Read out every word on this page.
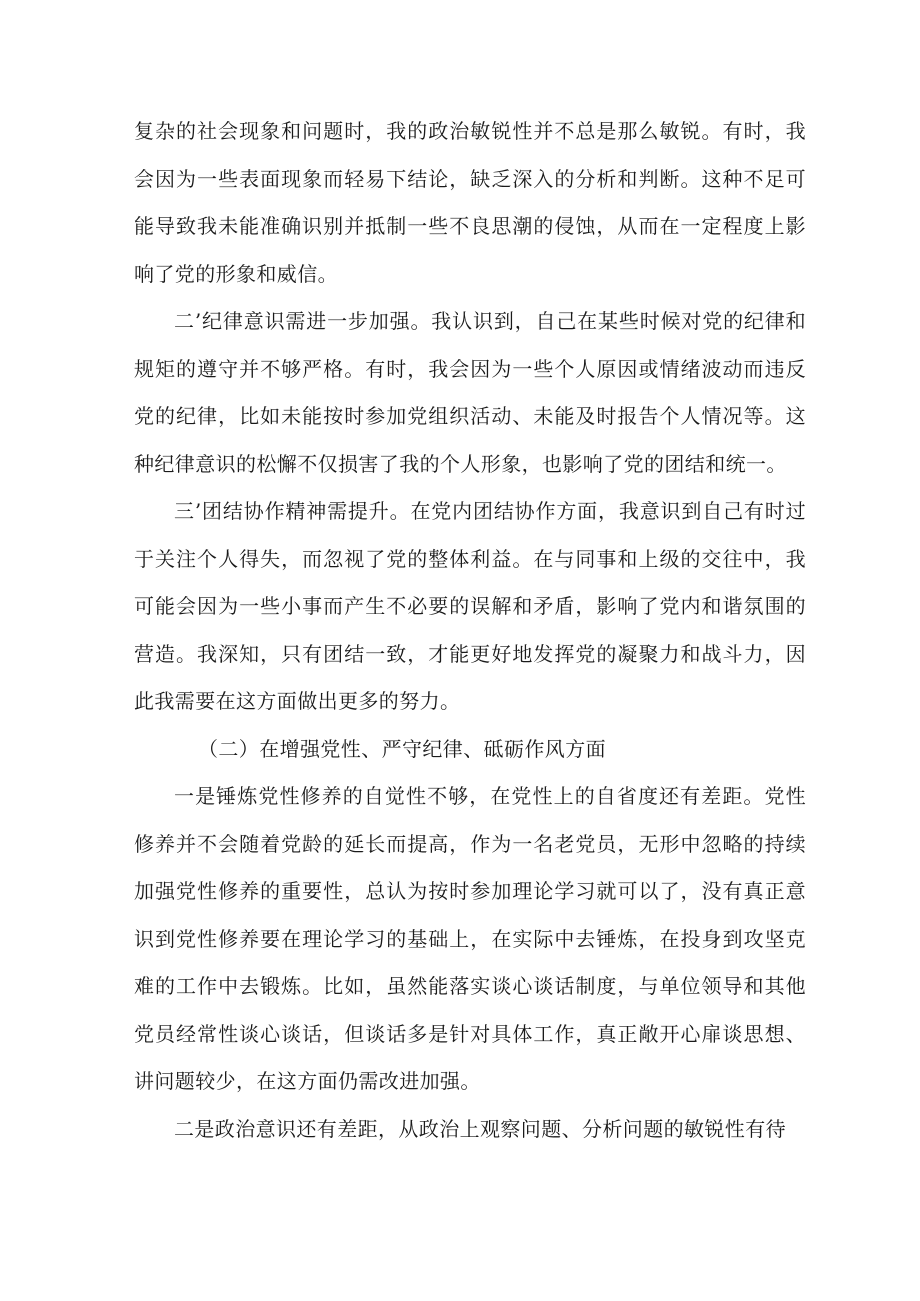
复杂的社会现象和问题时，我的政治敏锐性并不总是那么敏锐。有时，我会因为一些表面现象而轻易下结论，缺乏深入的分析和判断。这种不足可能导致我未能准确识别并抵制一些不良思潮的侵蚀，从而在一定程度上影响了党的形象和威信。

二’纪律意识需进一步加强。我认识到，自己在某些时候对党的纪律和规矩的遵守并不够严格。有时，我会因为一些个人原因或情绪波动而违反党的纪律，比如未能按时参加党组织活动、未能及时报告个人情况等。这种纪律意识的松懈不仅损害了我的个人形象，也影响了党的团结和统一。

三’团结协作精神需提升。在党内团结协作方面，我意识到自己有时过于关注个人得失，而忽视了党的整体利益。在与同事和上级的交往中，我可能会因为一些小事而产生不必要的误解和矛盾，影响了党内和谐氛围的营造。我深知，只有团结一致，才能更好地发挥党的凝聚力和战斗力，因此我需要在这方面做出更多的努力。

（二）在增强党性、严守纪律、砥砺作风方面

一是锤炼党性修养的自觉性不够，在党性上的自省度还有差距。党性修养并不会随着党龄的延长而提高，作为一名老党员，无形中忽略的持续加强党性修养的重要性，总认为按时参加理论学习就可以了，没有真正意识到党性修养要在理论学习的基础上，在实际中去锤炼，在投身到攻坚克难的工作中去锻炼。比如，虽然能落实谈心谈话制度，与单位领导和其他党员经常性谈心谈话，但谈话多是针对具体工作，真正敞开心扉谈思想、讲问题较少，在这方面仍需改进加强。

二是政治意识还有差距，从政治上观察问题、分析问题的敏锐性有待
